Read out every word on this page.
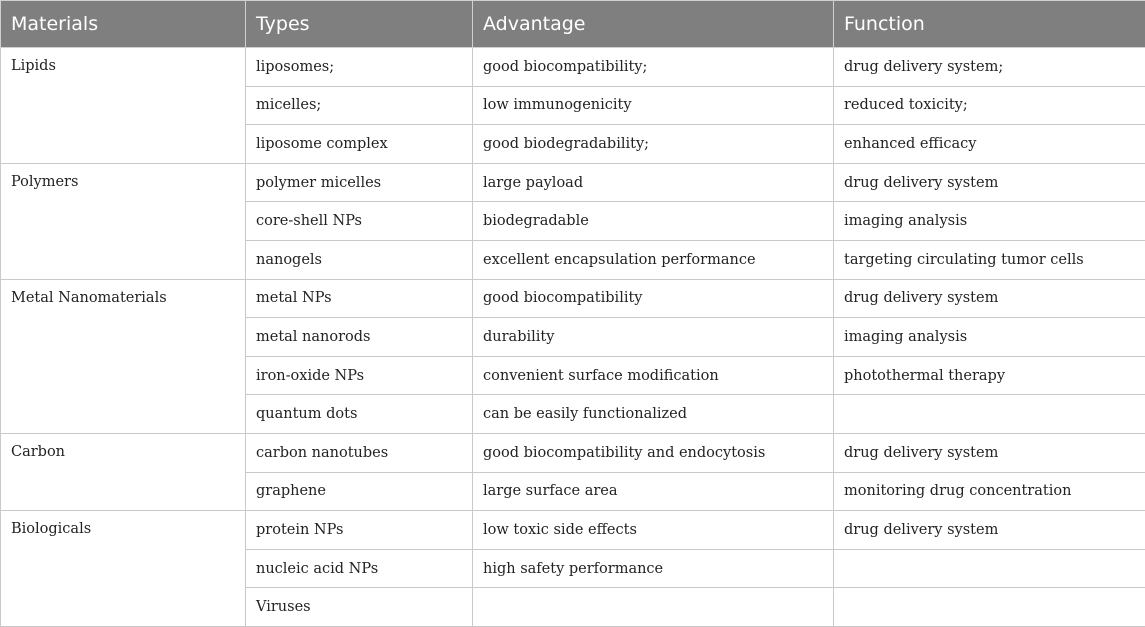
Materials	Types	Advantage	Function
Lipids	liposomes;	good biocompatibility;	drug delivery system;
	micelles;	low immunogenicity	reduced toxicity;
	liposome complex	good biodegradability;	enhanced efficacy
Polymers	polymer micelles	large payload	drug delivery system
	core-shell NPs	biodegradable	imaging analysis
	nanogels	excellent encapsulation performance	targeting circulating tumor cells
Metal Nanomaterials	metal NPs	good biocompatibility	drug delivery system
	metal nanorods	durability	imaging analysis
	iron-oxide NPs	convenient surface modification	photothermal therapy
	quantum dots	can be easily functionalized	
Carbon	carbon nanotubes	good biocompatibility and endocytosis	drug delivery system
	graphene	large surface area	monitoring drug concentration
Biologicals	protein NPs	low toxic side effects	drug delivery system
	nucleic acid NPs	high safety performance	
	Viruses		
